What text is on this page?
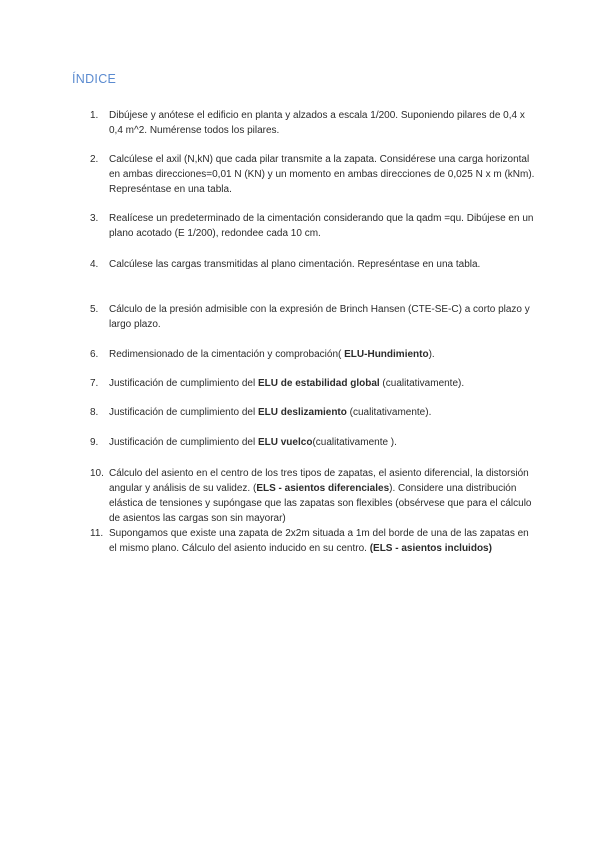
ÍNDICE
1. Dibújese y anótese el edificio en planta y alzados a escala 1/200. Suponiendo pilares de 0,4 x 0,4 m^2. Numérense todos los pilares.
2. Calcúlese el axil (N,kN) que cada pilar transmite a la zapata. Considérese una carga horizontal en ambas direcciones=0,01 N (KN) y un momento en ambas direcciones de 0,025 N x m (kNm). Represéntase en una tabla.
3. Realícese un predeterminado de la cimentación considerando que la qadm =qu. Dibújese en un plano acotado (E 1/200), redondee cada 10 cm.
4. Calcúlese las cargas transmitidas al plano cimentación. Represéntase en una tabla.
5. Cálculo de la presión admisible con la expresión de Brinch Hansen (CTE-SE-C) a corto plazo y largo plazo.
6. Redimensionado de la cimentación y comprobación( ELU-Hundimiento).
7. Justificación de cumplimiento del ELU de estabilidad global (cualitativamente).
8. Justificación de cumplimiento del ELU deslizamiento (cualitativamente).
9. Justificación de cumplimiento del ELU vuelco(cualitativamente ).
10. Cálculo del asiento en el centro de los tres tipos de zapatas, el asiento diferencial, la distorsión angular y análisis de su validez. (ELS - asientos diferenciales). Considere una distribución elástica de tensiones y supóngase que las zapatas son flexibles (obsérvese que para el cálculo de asientos las cargas son sin mayorar)
11. Supongamos que existe una zapata de 2x2m situada a 1m del borde de una de las zapatas en el mismo plano. Cálculo del asiento inducido en su centro. (ELS - asientos incluidos)
